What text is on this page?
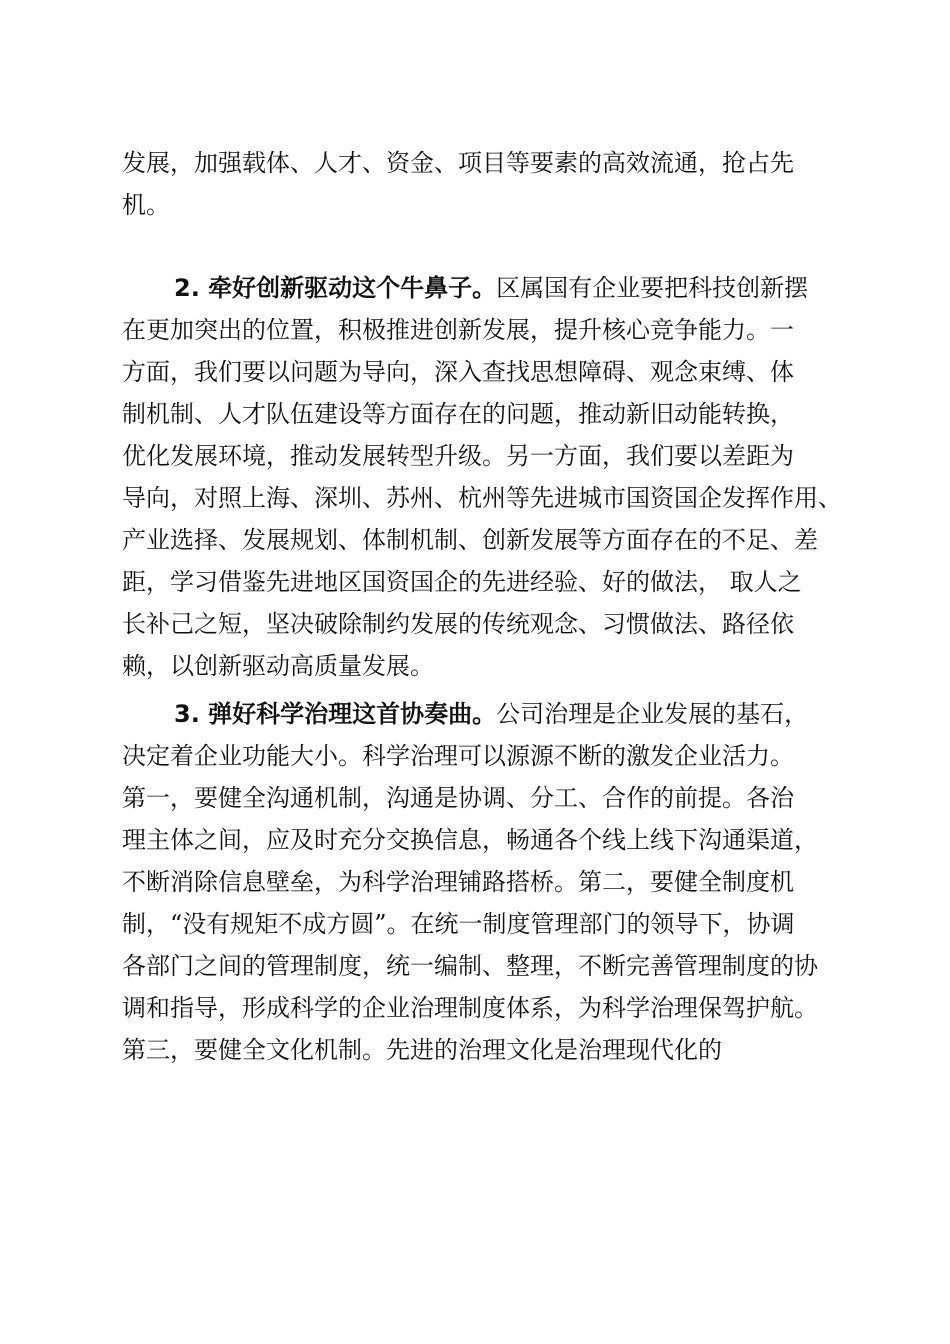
发展，加强载体、人才、资金、项目等要素的高效流通，抢占先
机。
2. 牵好创新驱动这个牛鼻子。区属国有企业要把科技创新摆
在更加突出的位置，积极推进创新发展，提升核心竞争能力。一
方面，我们要以问题为导向，深入查找思想障碍、观念束缚、体
制机制、人才队伍建设等方面存在的问题，推动新旧动能转换，
优化发展环境，推动发展转型升级。另一方面，我们要以差距为
导向，对照上海、深圳、苏州、杭州等先进城市国资国企发挥作用、
产业选择、发展规划、体制机制、创新发展等方面存在的不足、差
距，学习借鉴先进地区国资国企的先进经验、好的做法， 取人之
长补己之短，坚决破除制约发展的传统观念、习惯做法、路径依
赖，以创新驱动高质量发展。
3. 弹好科学治理这首协奏曲。公司治理是企业发展的基石，
决定着企业功能大小。科学治理可以源源不断的激发企业活力。
第一，要健全沟通机制，沟通是协调、分工、合作的前提。各治
理主体之间，应及时充分交换信息，畅通各个线上线下沟通渠道，
不断消除信息壁垒，为科学治理铺路搭桥。第二，要健全制度机
制，“没有规矩不成方圆”。在统一制度管理部门的领导下，协调
各部门之间的管理制度，统一编制、整理，不断完善管理制度的协
调和指导，形成科学的企业治理制度体系，为科学治理保驾护航。
第三，要健全文化机制。先进的治理文化是治理现代化的
